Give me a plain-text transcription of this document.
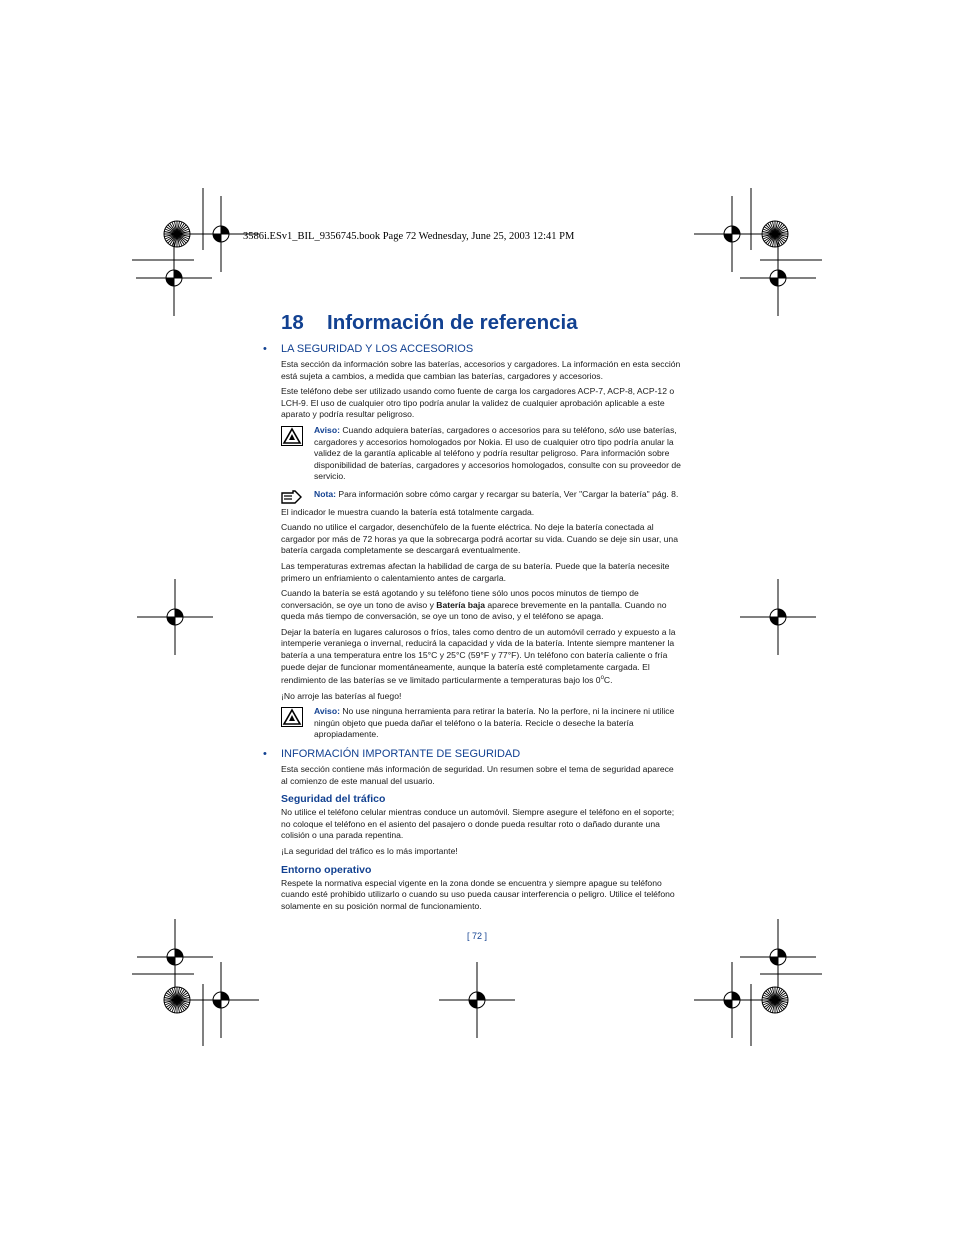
3586i.ESv1_BIL_9356745.book Page 72 Wednesday, June 25, 2003 12:41 PM
18 Información de referencia
• LA SEGURIDAD Y LOS ACCESORIOS

Esta sección da información sobre las baterías, accesorios y cargadores. La información en esta sección está sujeta a cambios, a medida que cambian las baterías, cargadores y accesorios.

Este teléfono debe ser utilizado usando como fuente de carga los cargadores ACP-7, ACP-8, ACP-12 o LCH-9. El uso de cualquier otro tipo podría anular la validez de cualquier aprobación aplicable a este aparato y podría resultar peligroso.

Aviso: Cuando adquiera baterías, cargadores o accesorios para su teléfono, sólo use baterías, cargadores y accesorios homologados por Nokia. El uso de cualquier otro tipo podría anular la validez de la garantía aplicable al teléfono y podría resultar peligroso. Para información sobre disponibilidad de baterías, cargadores y accesorios homologados, consulte con su proveedor de servicio.

Nota: Para información sobre cómo cargar y recargar su batería, Ver "Cargar la batería" pág. 8.

El indicador le muestra cuando la batería está totalmente cargada.

Cuando no utilice el cargador, desenchúfelo de la fuente eléctrica. No deje la batería conectada al cargador por más de 72 horas ya que la sobrecarga podrá acortar su vida. Cuando se deje sin usar, una batería cargada completamente se descargará eventualmente.

Las temperaturas extremas afectan la habilidad de carga de su batería. Puede que la batería necesite primero un enfriamiento o calentamiento antes de cargarla.

Cuando la batería se está agotando y su teléfono tiene sólo unos pocos minutos de tiempo de conversación, se oye un tono de aviso y Batería baja aparece brevemente en la pantalla. Cuando no queda más tiempo de conversación, se oye un tono de aviso, y el teléfono se apaga.

Dejar la batería en lugares calurosos o fríos, tales como dentro de un automóvil cerrado y expuesto a la intemperie veraniega o invernal, reducirá la capacidad y vida de la batería. Intente siempre mantener la batería a una temperatura entre los 15°C y 25°C (59°F y 77°F). Un teléfono con batería caliente o fría puede dejar de funcionar momentáneamente, aunque la batería esté completamente cargada. El rendimiento de las baterías se ve limitado particularmente a temperaturas bajo los 0$^o$C.

¡No arroje las baterías al fuego!

Aviso: No use ninguna herramienta para retirar la batería. No la perfore, ni la incinere ni utilice ningún objeto que pueda dañar el teléfono o la batería. Recicle o deseche la batería apropiadamente.

• INFORMACIÓN IMPORTANTE DE SEGURIDAD

Esta sección contiene más información de seguridad. Un resumen sobre el tema de seguridad aparece al comienzo de este manual del usuario.

Seguridad del tráfico

No utilice el teléfono celular mientras conduce un automóvil. Siempre asegure el teléfono en el soporte; no coloque el teléfono en el asiento del pasajero o donde pueda resultar roto o dañado durante una colisión o una parada repentina.

¡La seguridad del tráfico es lo más importante!

Entorno operativo

Respete la normativa especial vigente en la zona donde se encuentra y siempre apague su teléfono cuando esté prohibido utilizarlo o cuando su uso pueda causar interferencia o peligro. Utilice el teléfono solamente en su posición normal de funcionamiento.

[ 72 ]
